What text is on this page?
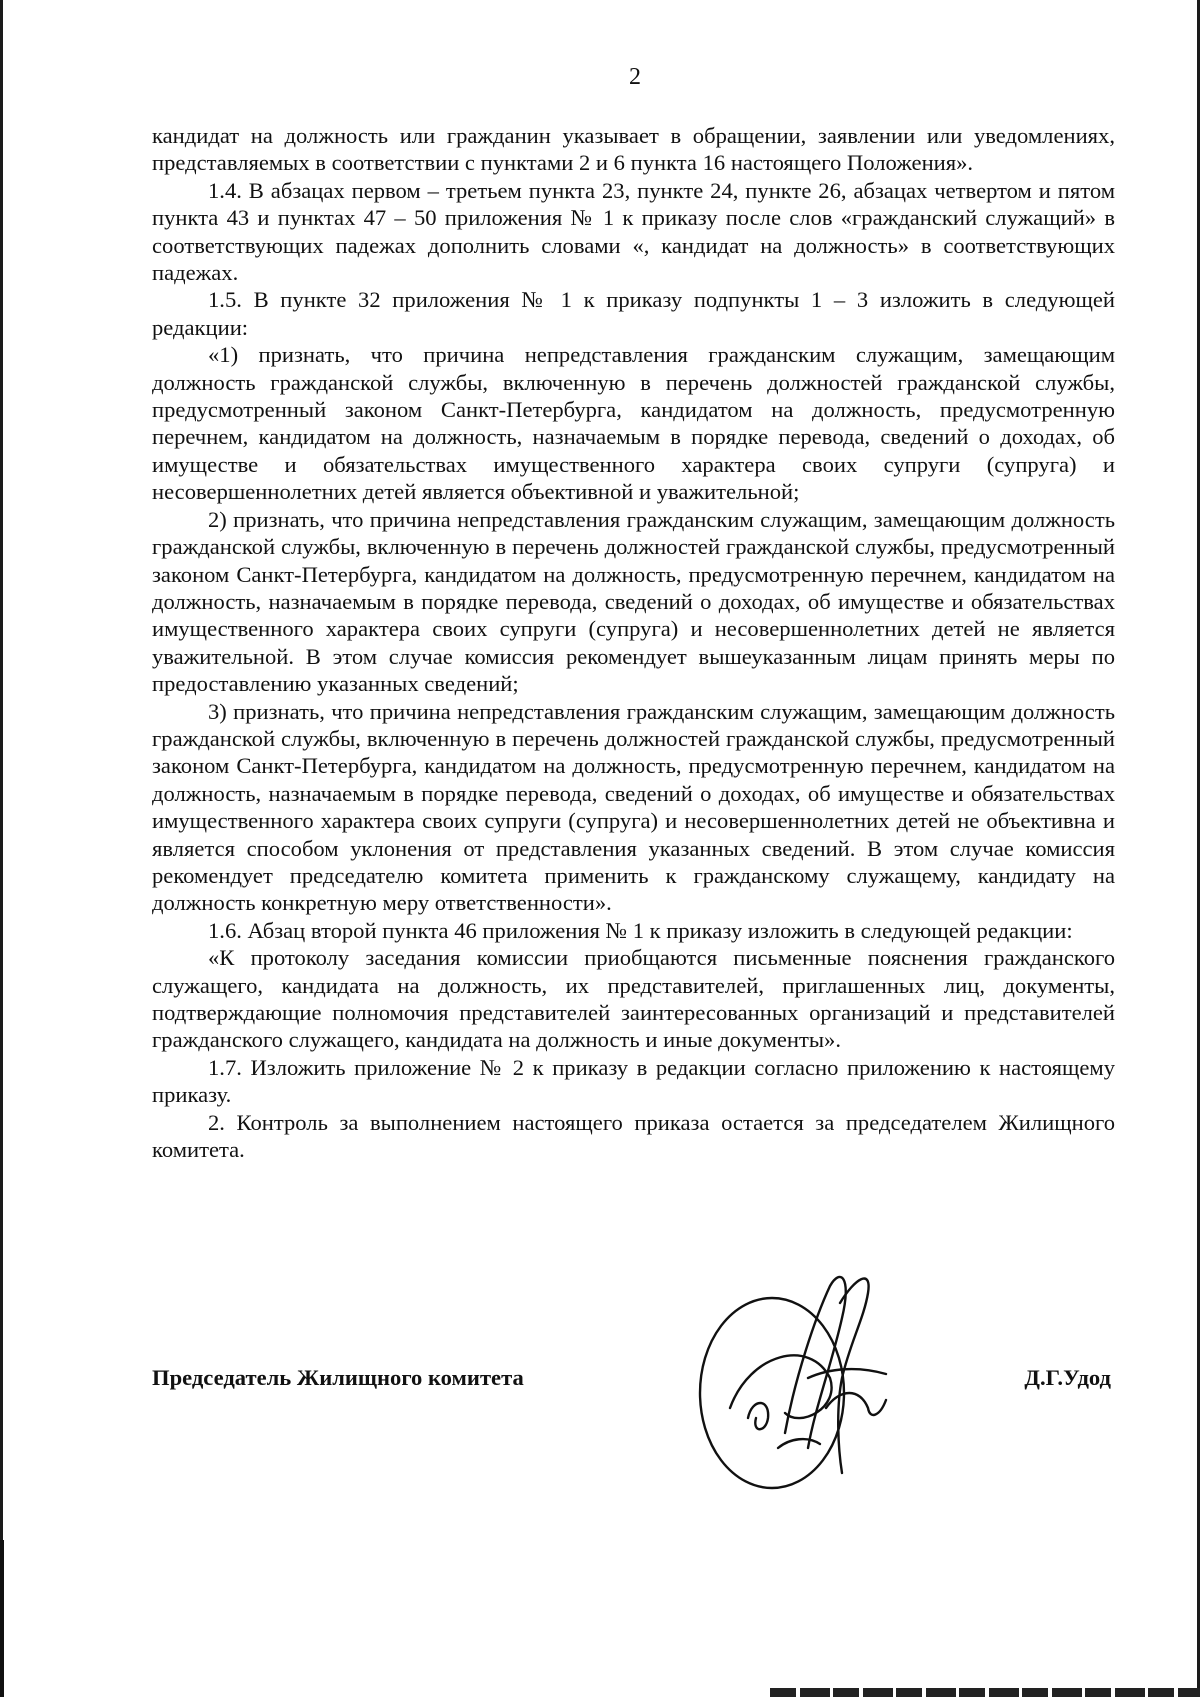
2

кандидат на должность или гражданин указывает в обращении, заявлении или уведомлениях, представляемых в соответствии с пунктами 2 и 6 пункта 16 настоящего Положения».

1.4. В абзацах первом – третьем пункта 23, пункте 24, пункте 26, абзацах четвертом и пятом пункта 43 и пунктах 47 – 50 приложения № 1 к приказу после слов «гражданский служащий» в соответствующих падежах дополнить словами «, кандидат на должность» в соответствующих падежах.

1.5. В пункте 32 приложения № 1 к приказу подпункты 1 – 3 изложить в следующей редакции:

«1) признать, что причина непредставления гражданским служащим, замещающим должность гражданской службы, включенную в перечень должностей гражданской службы, предусмотренный законом Санкт-Петербурга, кандидатом на должность, предусмотренную перечнем, кандидатом на должность, назначаемым в порядке перевода, сведений о доходах, об имуществе и обязательствах имущественного характера своих супруги (супруга) и несовершеннолетних детей является объективной и уважительной;

2) признать, что причина непредставления гражданским служащим, замещающим должность гражданской службы, включенную в перечень должностей гражданской службы, предусмотренный законом Санкт-Петербурга, кандидатом на должность, предусмотренную перечнем, кандидатом на должность, назначаемым в порядке перевода, сведений о доходах, об имуществе и обязательствах имущественного характера своих супруги (супруга) и несовершеннолетних детей не является уважительной. В этом случае комиссия рекомендует вышеуказанным лицам принять меры по предоставлению указанных сведений;

3) признать, что причина непредставления гражданским служащим, замещающим должность гражданской службы, включенную в перечень должностей гражданской службы, предусмотренный законом Санкт-Петербурга, кандидатом на должность, предусмотренную перечнем, кандидатом на должность, назначаемым в порядке перевода, сведений о доходах, об имуществе и обязательствах имущественного характера своих супруги (супруга) и несовершеннолетних детей не объективна и является способом уклонения от представления указанных сведений. В этом случае комиссия рекомендует председателю комитета применить к гражданскому служащему, кандидату на должность конкретную меру ответственности».

1.6. Абзац второй пункта 46 приложения № 1 к приказу изложить в следующей редакции:

«К протоколу заседания комиссии приобщаются письменные пояснения гражданского служащего, кандидата на должность, их представителей, приглашенных лиц, документы, подтверждающие полномочия представителей заинтересованных организаций и представителей гражданского служащего, кандидата на должность и иные документы».

1.7. Изложить приложение № 2 к приказу в редакции согласно приложению к настоящему приказу.

2. Контроль за выполнением настоящего приказа остается за председателем Жилищного комитета.

Председатель Жилищного комитета	Д.Г.Удод
